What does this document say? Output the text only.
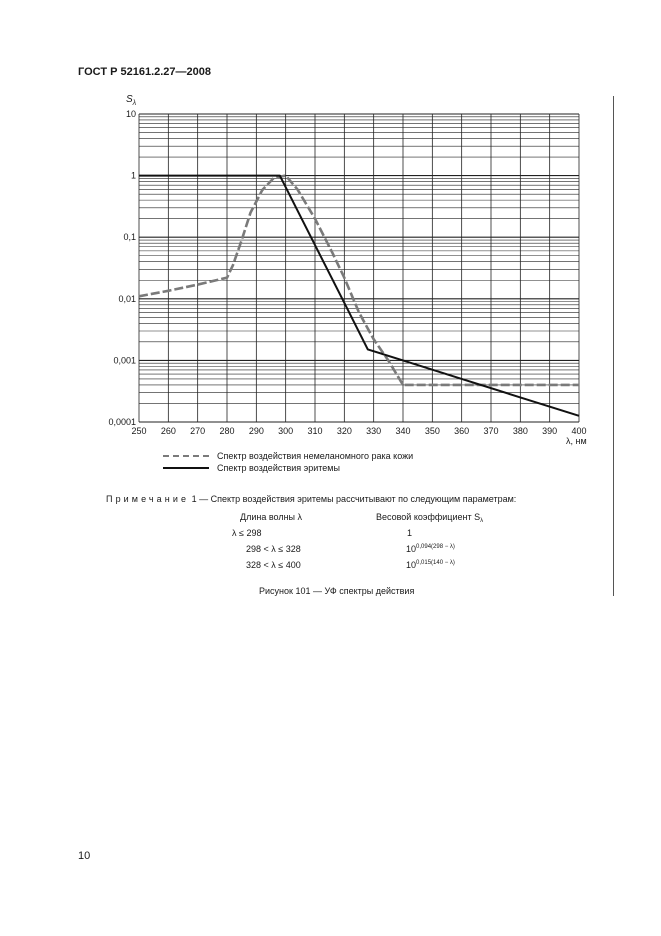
ГОСТ Р 52161.2.27—2008
250 260 270 280 290 300 310 320 330 340 350 360 370 380 390 400
10
1
0,1
0,01
0,001
0,0001
$S_\lambda$
λ, нм
Спектр воздействия немеланомного рака кожи
Спектр воздействия эритемы
Примечание 1 — Спектр воздействия эритемы рассчитывают по следующим параметрам:
Длина волны λ	Весовой коэффициент $S_\lambda$
λ ≤ 298	1
298 < λ ≤ 328	$10^{0,094(298 - \lambda)}$
328 < λ ≤ 400	$10^{0,015(140 - \lambda)}$
Рисунок 101 — УФ спектры действия
10
